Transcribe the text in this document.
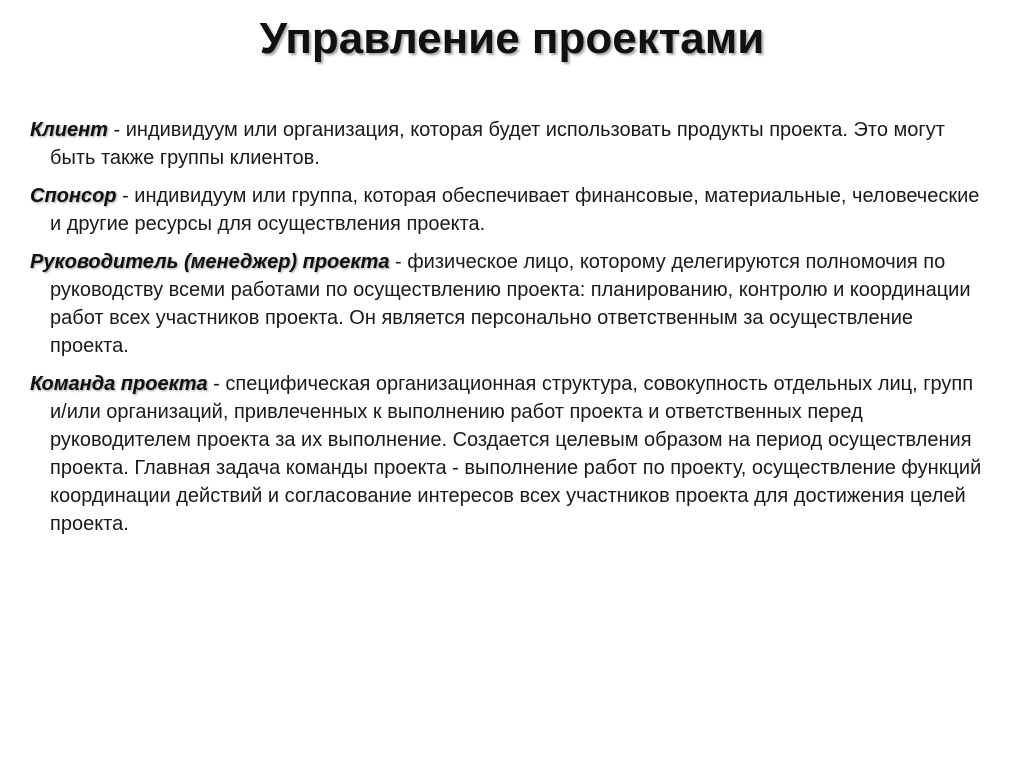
Управление проектами

Клиент - индивидуум или организация, которая будет использовать продукты проекта. Это могут быть также группы клиентов.

Спонсор - индивидуум или группа, которая обеспечивает финансовые, материальные, человеческие и другие ресурсы для осуществления проекта.

Руководитель (менеджер) проекта - физическое лицо, которому делегируются полномочия по руководству всеми работами по осуществлению проекта: планированию, контролю и координации работ всех участников проекта. Он является персонально ответственным за осуществление проекта.

Команда проекта - специфическая организационная структура, совокупность отдельных лиц, групп и/или организаций, привлеченных к выполнению работ проекта и ответственных перед руководителем проекта за их выполнение. Создается целевым образом на период осуществления проекта. Главная задача команды проекта - выполнение работ по проекту, осуществление функций координации действий и согласование интересов всех участников проекта для достижения целей проекта.
